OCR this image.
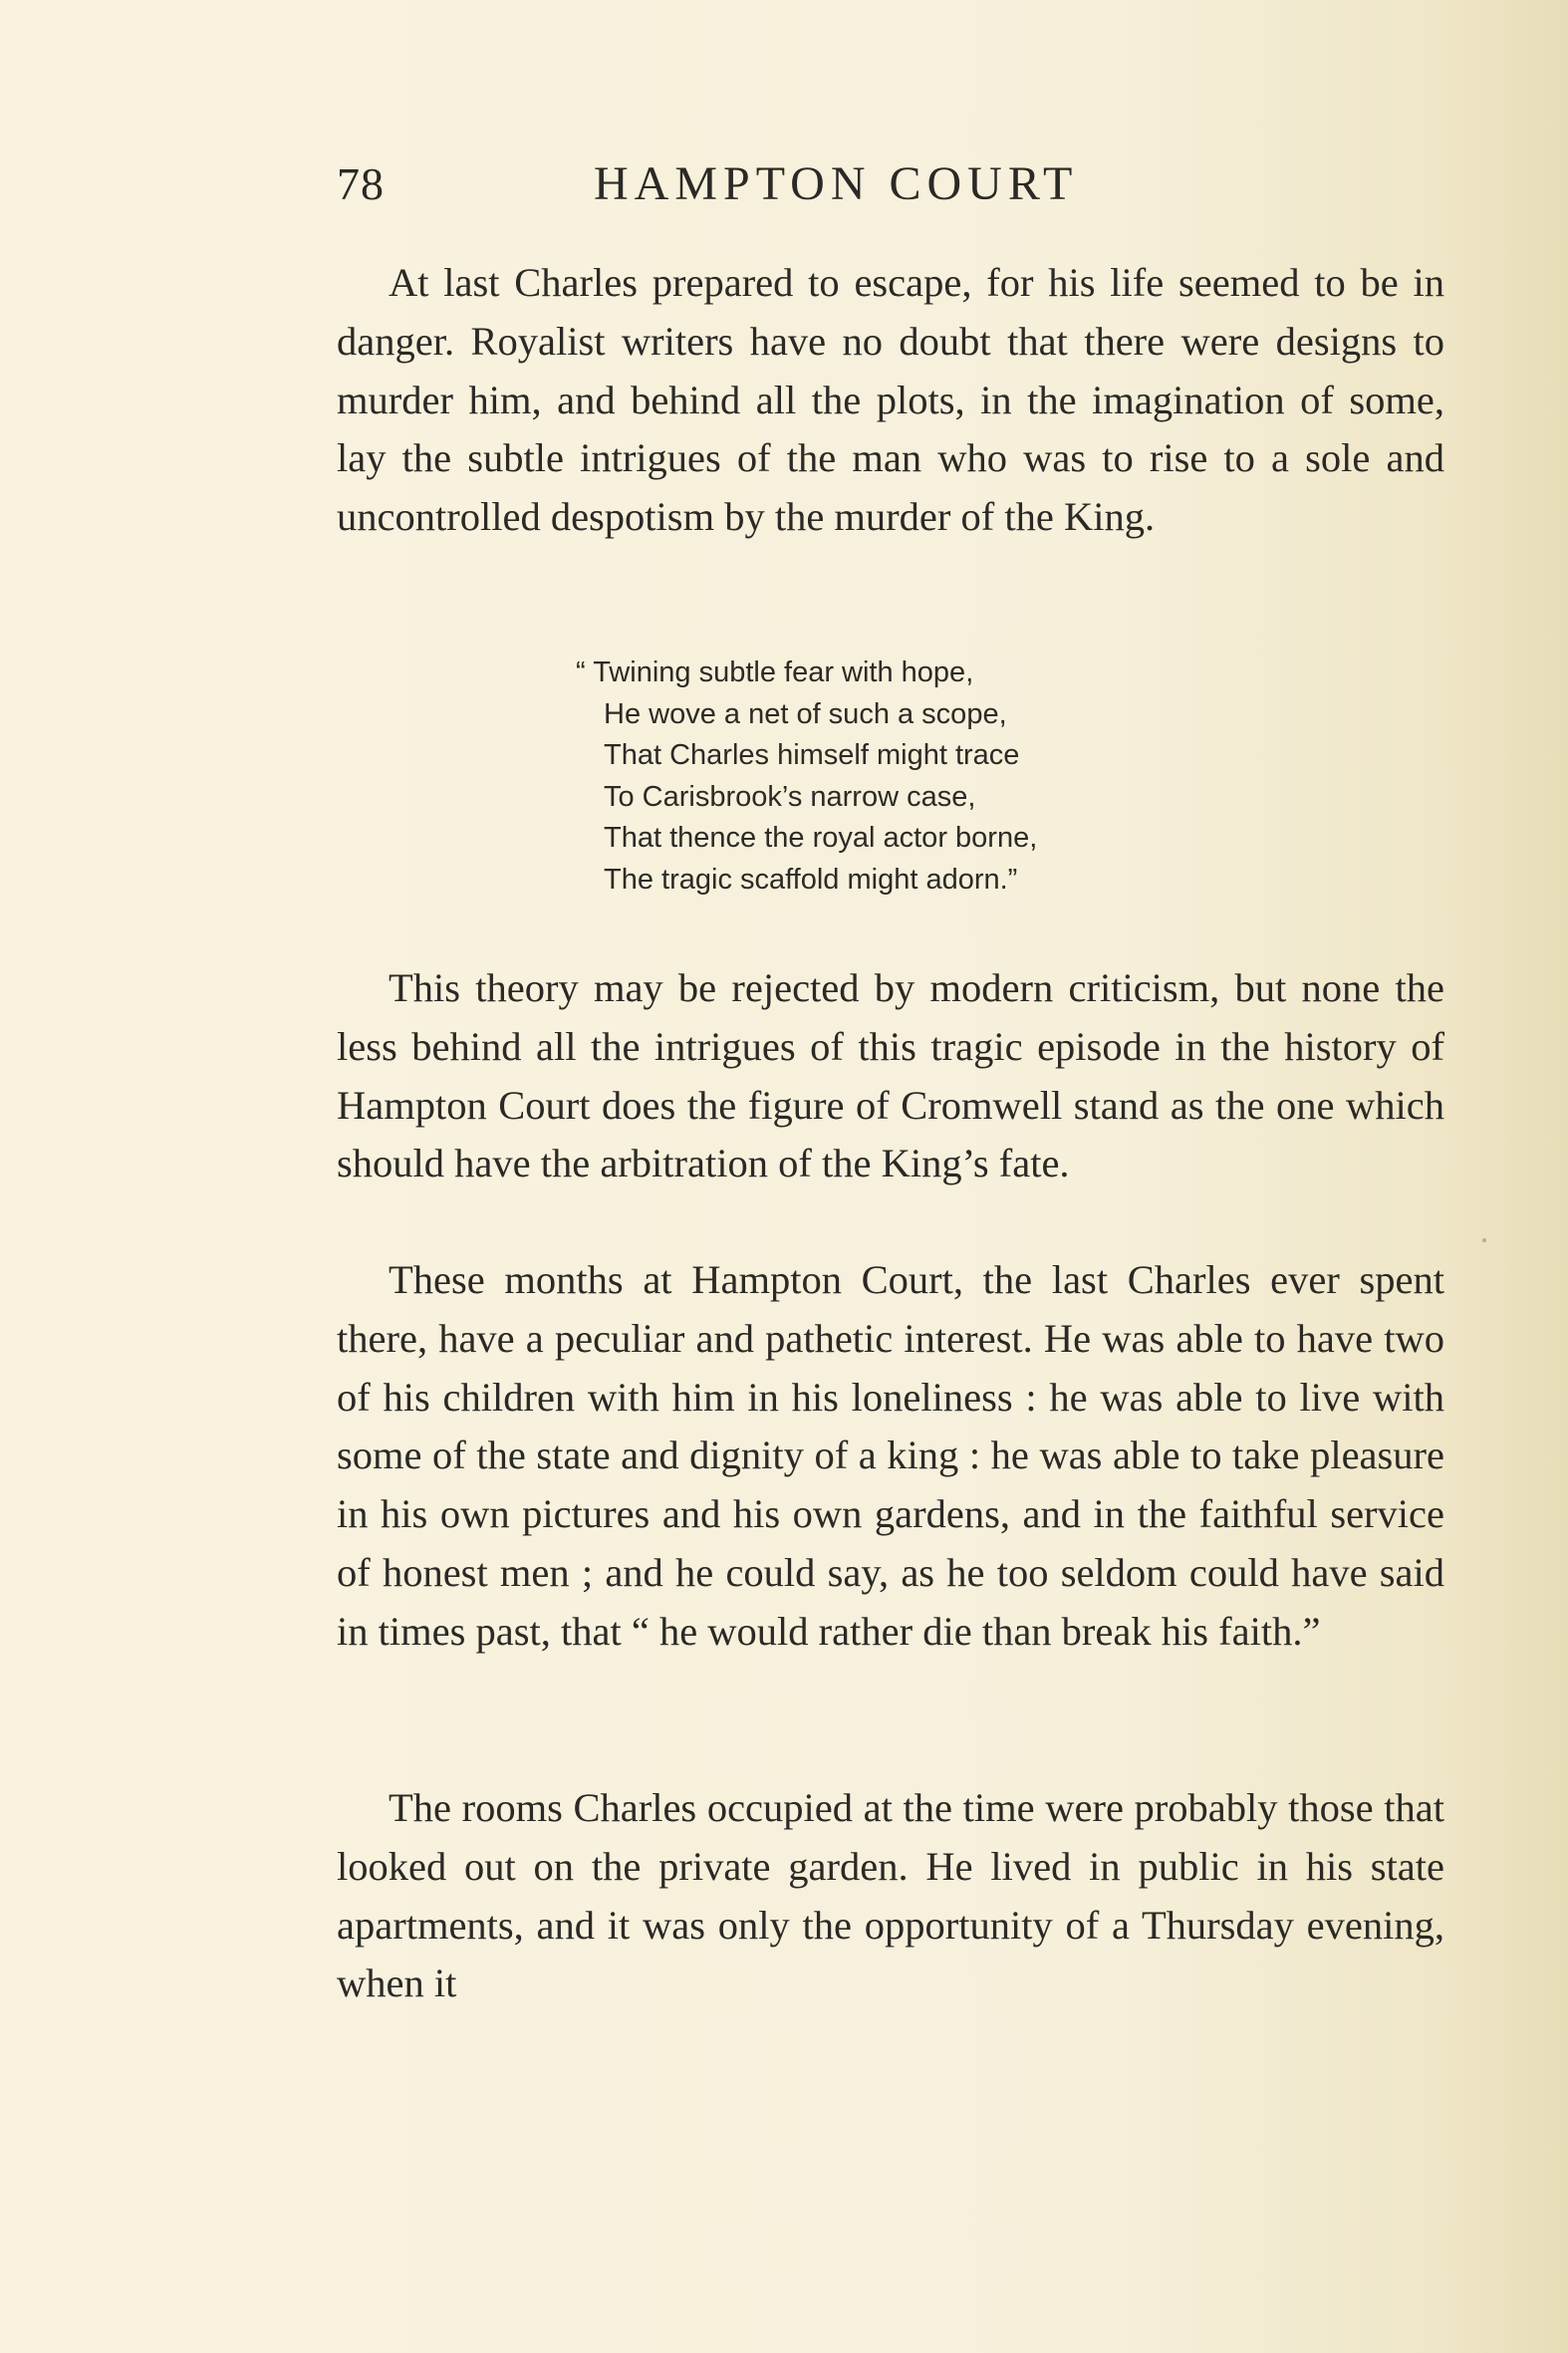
78	HAMPTON COURT

At last Charles prepared to escape, for his life seemed to be in danger. Royalist writers have no doubt that there were designs to murder him, and behind all the plots, in the imagination of some, lay the subtle intrigues of the man who was to rise to a sole and uncontrolled despotism by the murder of the King.

“ Twining subtle fear with hope,
He wove a net of such a scope,
That Charles himself might trace
To Carisbrook’s narrow case,
That thence the royal actor borne,
The tragic scaffold might adorn.”

This theory may be rejected by modern criticism, but none the less behind all the intrigues of this tragic episode in the history of Hampton Court does the figure of Cromwell stand as the one which should have the arbitration of the King’s fate.

These months at Hampton Court, the last Charles ever spent there, have a peculiar and pathetic interest. He was able to have two of his children with him in his loneliness : he was able to live with some of the state and dignity of a king : he was able to take pleasure in his own pictures and his own gardens, and in the faithful service of honest men ; and he could say, as he too seldom could have said in times past, that “ he would rather die than break his faith.”

The rooms Charles occupied at the time were probably those that looked out on the private garden. He lived in public in his state apartments, and it was only the opportunity of a Thursday evening, when it
